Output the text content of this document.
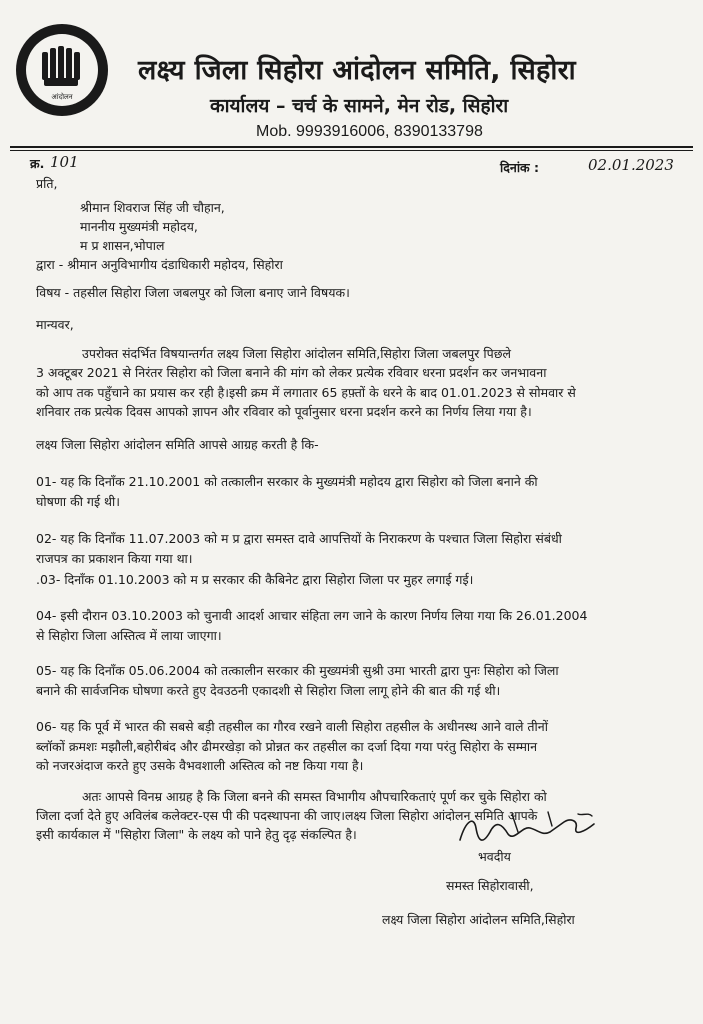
आंदोलन
लक्ष्य जिला सिहोरा आंदोलन समिति, सिहोरा
कार्यालय – चर्च के सामने, मेन रोड, सिहोरा
Mob. 9993916006, 8390133798
क्र. 101	दिनांक :	02.01.2023
प्रति,
श्रीमान शिवराज सिंह जी चौहान,
माननीय मुख्यमंत्री महोदय,
म प्र शासन,भोपाल
द्वारा - श्रीमान अनुविभागीय दंडाधिकारी महोदय, सिहोरा
विषय - तहसील सिहोरा जिला जबलपुर को जिला बनाए जाने विषयक।
मान्यवर,
उपरोक्त संदर्भित विषयान्तर्गत लक्ष्य जिला सिहोरा आंदोलन समिति,सिहोरा जिला जबलपुर पिछले
3 अक्टूबर 2021 से निरंतर सिहोरा को जिला बनाने की मांग को लेकर प्रत्येक रविवार धरना प्रदर्शन कर जनभावना
को आप तक पहुँचाने का प्रयास कर रही है।इसी क्रम में लगातार 65 हफ़्तों के धरने के बाद 01.01.2023 से सोमवार से
शनिवार तक प्रत्येक दिवस आपको ज्ञापन और रविवार को पूर्वानुसार धरना प्रदर्शन करने का निर्णय लिया गया है।
लक्ष्य जिला सिहोरा आंदोलन समिति आपसे आग्रह करती है कि-
01- यह कि दिनाँक 21.10.2001 को तत्कालीन सरकार के मुख्यमंत्री महोदय द्वारा सिहोरा को जिला बनाने की
घोषणा की गई थी।
02- यह कि दिनाँक 11.07.2003 को म प्र द्वारा समस्त दावे आपत्तियों के निराकरण के पश्चात जिला सिहोरा संबंधी
राजपत्र का प्रकाशन किया गया था।
.03- दिनाँक 01.10.2003 को म प्र सरकार की कैबिनेट द्वारा सिहोरा जिला पर मुहर लगाई गई।
04- इसी दौरान 03.10.2003 को चुनावी आदर्श आचार संहिता लग जाने के कारण निर्णय लिया गया कि 26.01.2004
से सिहोरा जिला अस्तित्व में लाया जाएगा।
05- यह कि दिनाँक 05.06.2004 को तत्कालीन सरकार की मुख्यमंत्री सुश्री उमा भारती द्वारा पुनः सिहोरा को जिला
बनाने की सार्वजनिक घोषणा करते हुए देवउठनी एकादशी से सिहोरा जिला लागू होने की बात की गई थी।
06- यह कि पूर्व में भारत की सबसे बड़ी तहसील का गौरव रखने वाली सिहोरा तहसील के अधीनस्थ आने वाले तीनों
ब्लॉकों क्रमशः मझौली,बहोरीबंद और ढीमरखेड़ा को प्रोन्नत कर तहसील का दर्जा दिया गया परंतु सिहोरा के सम्मान
को नजरअंदाज करते हुए उसके वैभवशाली अस्तित्व को नष्ट किया गया है।
अतः आपसे विनम्र आग्रह है कि जिला बनने की समस्त विभागीय औपचारिकताएं पूर्ण कर चुके सिहोरा को
जिला दर्जा देते हुए अविलंब कलेक्टर-एस पी की पदस्थापना की जाए।लक्ष्य जिला सिहोरा आंदोलन समिति आपके
इसी कार्यकाल में "सिहोरा जिला" के लक्ष्य को पाने हेतु दृढ़ संकल्पित है।
भवदीय
समस्त सिहोरावासी,
लक्ष्य जिला सिहोरा आंदोलन समिति,सिहोरा
